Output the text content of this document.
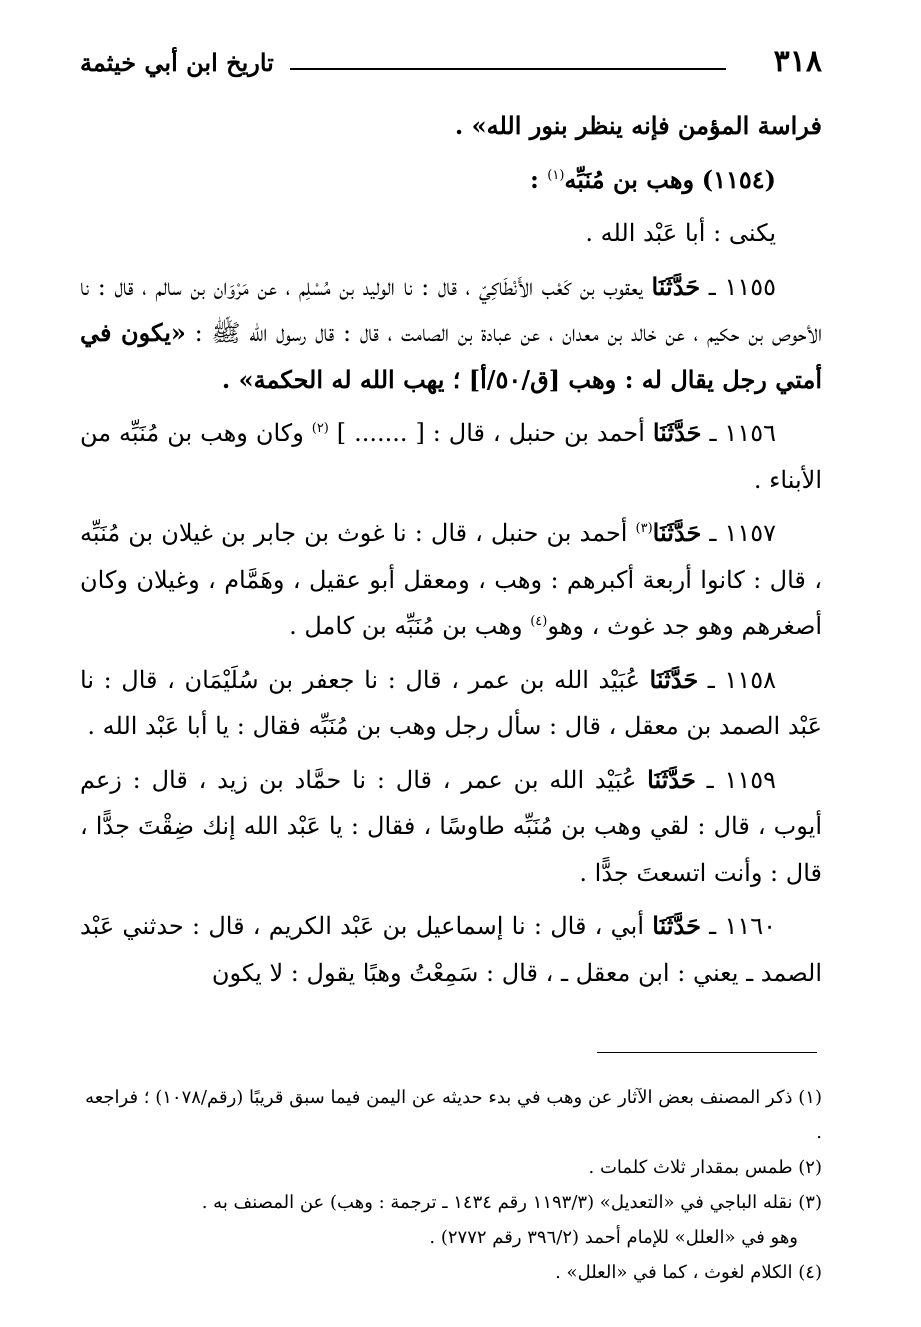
٣١٨
تاريخ ابن أبي خيثمة

فراسة المؤمن فإنه ينظر بنور الله» .

(١١٥٤) وهب بن مُنَبِّه$^{(١)}$ :

يكنى : أبا عَبْد الله .

١١٥٥ ـ حَدَّثَنَا يعقوب بن كَعْب الأَنْطَاكِيّ ، قال : نا الوليد بن مُسْلِم ، عن مَرْوَان بن سالم ، قال : نا الأحوص بن حكيم ، عن خالد بن معدان ، عن عبادة بن الصامت ، قال : قال رسول الله ﷺ : «يكون في أمتي رجل يقال له : وهب [ق/٥٠/أ] ؛ يهب الله له الحكمة» .

١١٥٦ ـ حَدَّثَنَا أحمد بن حنبل ، قال : [ ....... ] $^{(٢)}$ وكان وهب بن مُنَبِّه من الأبناء .

١١٥٧ ـ حَدَّثَنَا$^{(٣)}$ أحمد بن حنبل ، قال : نا غوث بن جابر بن غيلان بن مُنَبِّه ، قال : كانوا أربعة أكبرهم : وهب ، ومعقل أبو عقيل ، وهَمَّام ، وغيلان وكان أصغرهم وهو جد غوث ، وهو$^{(٤)}$ وهب بن مُنَبِّه بن كامل .

١١٥٨ ـ حَدَّثَنَا عُبَيْد الله بن عمر ، قال : نا جعفر بن سُلَيْمَان ، قال : نا عَبْد الصمد بن معقل ، قال : سأل رجل وهب بن مُنَبِّه فقال : يا أبا عَبْد الله .

١١٥٩ ـ حَدَّثَنَا عُبَيْد الله بن عمر ، قال : نا حمَّاد بن زيد ، قال : زعم أيوب ، قال : لقي وهب بن مُنَبِّه طاوسًا ، فقال : يا عَبْد الله إنك ضِقْتَ جدًّا ، قال : وأنت اتسعتَ جدًّا .

١١٦٠ ـ حَدَّثَنَا أبي ، قال : نا إسماعيل بن عَبْد الكريم ، قال : حدثني عَبْد الصمد ـ يعني : ابن معقل ـ ، قال : سَمِعْتُ وهبًا يقول : لا يكون

(١) ذكر المصنف بعض الآثار عن وهب في بدء حديثه عن اليمن فيما سبق قريبًا (رقم/١٠٧٨) ؛ فراجعه .

(٢) طمس بمقدار ثلاث كلمات .

(٣) نقله الباجي في «التعديل» (١١٩٣/٣ رقم ١٤٣٤ ـ ترجمة : وهب) عن المصنف به .

وهو في «العلل» للإمام أحمد (٣٩٦/٢ رقم ٢٧٧٢) .

(٤) الكلام لغوث ، كما في «العلل» .
